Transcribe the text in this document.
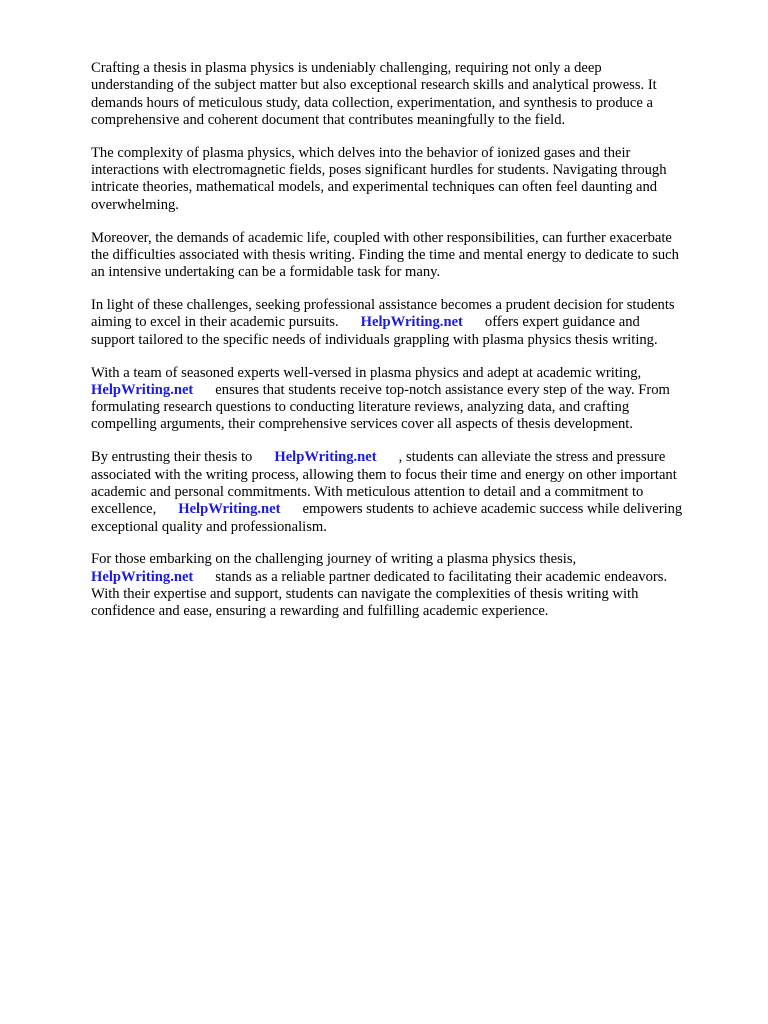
Crafting a thesis in plasma physics is undeniably challenging, requiring not only a deep
understanding of the subject matter but also exceptional research skills and analytical prowess. It
demands hours of meticulous study, data collection, experimentation, and synthesis to produce a
comprehensive and coherent document that contributes meaningfully to the field.

The complexity of plasma physics, which delves into the behavior of ionized gases and their
interactions with electromagnetic fields, poses significant hurdles for students. Navigating through
intricate theories, mathematical models, and experimental techniques can often feel daunting and
overwhelming.

Moreover, the demands of academic life, coupled with other responsibilities, can further exacerbate
the difficulties associated with thesis writing. Finding the time and mental energy to dedicate to such
an intensive undertaking can be a formidable task for many.

In light of these challenges, seeking professional assistance becomes a prudent decision for students
aiming to excel in their academic pursuits. HelpWriting.net offers expert guidance and
support tailored to the specific needs of individuals grappling with plasma physics thesis writing.

With a team of seasoned experts well-versed in plasma physics and adept at academic writing,
HelpWriting.net ensures that students receive top-notch assistance every step of the way. From
formulating research questions to conducting literature reviews, analyzing data, and crafting
compelling arguments, their comprehensive services cover all aspects of thesis development.

By entrusting their thesis to HelpWriting.net , students can alleviate the stress and pressure
associated with the writing process, allowing them to focus their time and energy on other important
academic and personal commitments. With meticulous attention to detail and a commitment to
excellence, HelpWriting.net empowers students to achieve academic success while delivering
exceptional quality and professionalism.

For those embarking on the challenging journey of writing a plasma physics thesis,
HelpWriting.net stands as a reliable partner dedicated to facilitating their academic endeavors.
With their expertise and support, students can navigate the complexities of thesis writing with
confidence and ease, ensuring a rewarding and fulfilling academic experience.
